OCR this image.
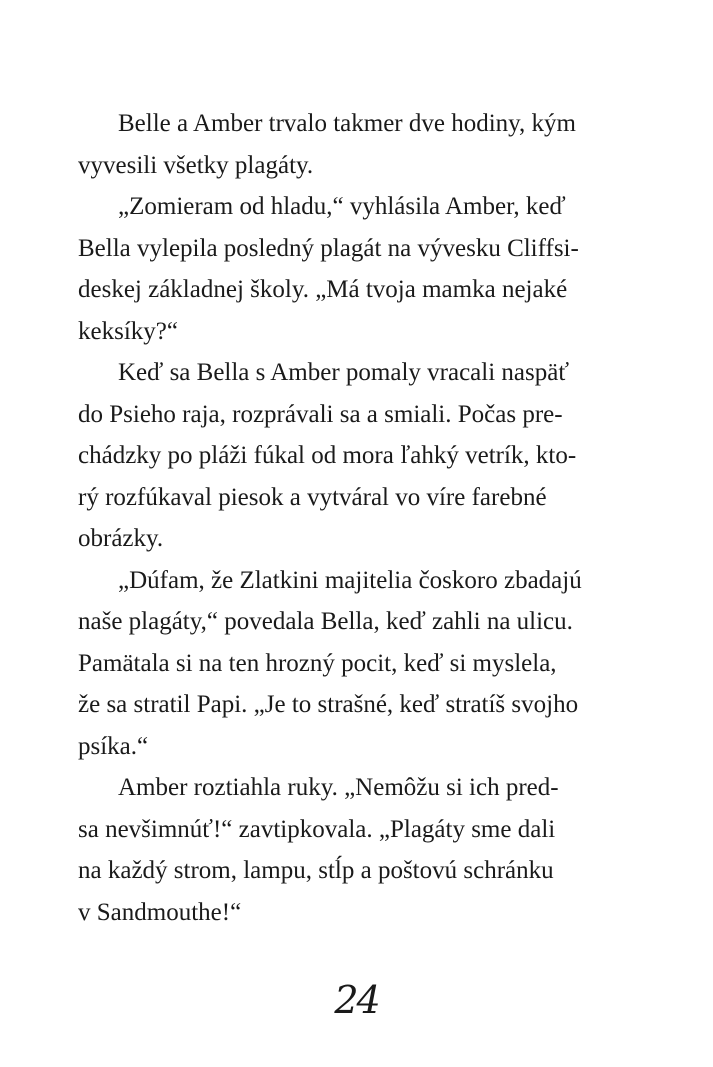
Belle a Amber trvalo takmer dve hodiny, kým
vyvesili všetky plagáty.
„Zomieram od hladu,“ vyhlásila Amber, keď
Bella vylepila posledný plagát na vývesku Cliffsi-
deskej základnej školy. „Má tvoja mamka nejaké
keksíky?“
Keď sa Bella s Amber pomaly vracali naspäť
do Psieho raja, rozprávali sa a smiali. Počas pre-
chádzky po pláži fúkal od mora ľahký vetrík, kto-
rý rozfúkaval piesok a vytváral vo víre farebné
obrázky.
„Dúfam, že Zlatkini majitelia čoskoro zbadajú
naše plagáty,“ povedala Bella, keď zahli na ulicu.
Pamätala si na ten hrozný pocit, keď si myslela,
že sa stratil Papi. „Je to strašné, keď stratíš svojho
psíka.“
Amber roztiahla ruky. „Nemôžu si ich pred-
sa nevšimnúť!“ zavtipkovala. „Plagáty sme dali
na každý strom, lampu, stĺp a poštovú schránku
v Sandmouthe!“
24
